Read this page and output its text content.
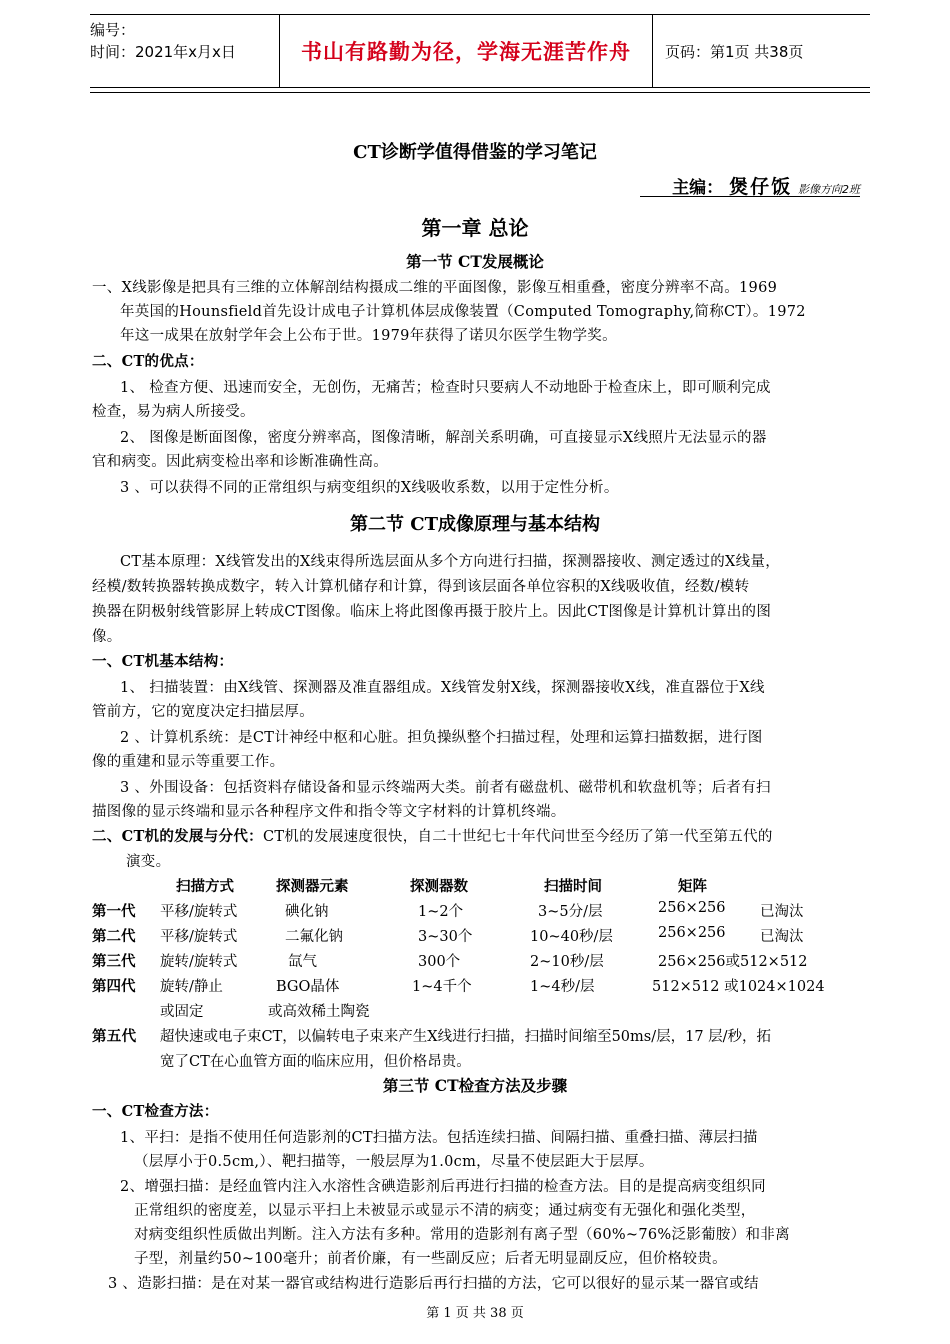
编号：
时间：2021年x月x日	书山有路勤为径，学海无涯苦作舟	页码：第1页 共38页
CT诊断学值得借鉴的学习笔记
主编： 煲仔饭 影像方向2班
第一章 总论
第一节 CT发展概论
一、X线影像是把具有三维的立体解剖结构摄成二维的平面图像，影像互相重叠，密度分辨率不高。1969
年英国的Hounsfield首先设计成电子计算机体层成像装置（Computed Tomography,简称CT）。1972
年这一成果在放射学年会上公布于世。1979年获得了诺贝尔医学生物学奖。
二、CT的优点：
1、 检查方便、迅速而安全，无创伤，无痛苦；检查时只要病人不动地卧于检查床上，即可顺利完成
检查，易为病人所接受。
2、 图像是断面图像，密度分辨率高，图像清晰，解剖关系明确，可直接显示X线照片无法显示的器
官和病变。因此病变检出率和诊断准确性高。
3 、可以获得不同的正常组织与病变组织的X线吸收系数，以用于定性分析。
第二节 CT成像原理与基本结构
CT基本原理：X线管发出的X线束得所选层面从多个方向进行扫描，探测器接收、测定透过的X线量，
经模/数转换器转换成数字，转入计算机储存和计算，得到该层面各单位容积的X线吸收值，经数/模转
换器在阴极射线管影屏上转成CT图像。临床上将此图像再摄于胶片上。因此CT图像是计算机计算出的图
像。
一、CT机基本结构：
1、 扫描装置：由X线管、探测器及准直器组成。X线管发射X线，探测器接收X线，准直器位于X线
管前方，它的宽度决定扫描层厚。
2 、计算机系统：是CT计神经中枢和心脏。担负操纵整个扫描过程，处理和运算扫描数据，进行图
像的重建和显示等重要工作。
3 、外围设备：包括资料存储设备和显示终端两大类。前者有磁盘机、磁带机和软盘机等；后者有扫
描图像的显示终端和显示各种程序文件和指令等文字材料的计算机终端。
二、CT机的发展与分代：CT机的发展速度很快，自二十世纪七十年代问世至今经历了第一代至第五代的
演变。
扫描方式	探测器元素	探测器数	扫描时间	矩阵
第一代 平移/旋转式	碘化钠	1~2个	3~5分/层	256×256 已淘汰
第二代 平移/旋转式	二氟化钠	3~30个	10~40秒/层	256×256 已淘汰
第三代 旋转/旋转式	氙气	300个	2~10秒/层	256×256或512×512
第四代 旋转/静止	BGO晶体	1~4千个	1~4秒/层	512×512 或1024×1024
或固定	或高效稀土陶瓷
第五代 超快速或电子束CT，以偏转电子束来产生X线进行扫描，扫描时间缩至50ms/层，17 层/秒，拓
宽了CT在心血管方面的临床应用，但价格昂贵。
第三节 CT检查方法及步骤
一、CT检查方法：
1、平扫：是指不使用任何造影剂的CT扫描方法。包括连续扫描、间隔扫描、重叠扫描、薄层扫描
（层厚小于0.5cm,）、靶扫描等，一般层厚为1.0cm，尽量不使层距大于层厚。
2、增强扫描：是经血管内注入水溶性含碘造影剂后再进行扫描的检查方法。目的是提高病变组织同
正常组织的密度差，以显示平扫上未被显示或显示不清的病变；通过病变有无强化和强化类型，
对病变组织性质做出判断。注入方法有多种。常用的造影剂有离子型（60%~76%泛影葡胺）和非离
子型，剂量约50~100毫升；前者价廉，有一些副反应；后者无明显副反应，但价格较贵。
3 、造影扫描：是在对某一器官或结构进行造影后再行扫描的方法，它可以很好的显示某一器官或结
第 1 页 共 38 页
